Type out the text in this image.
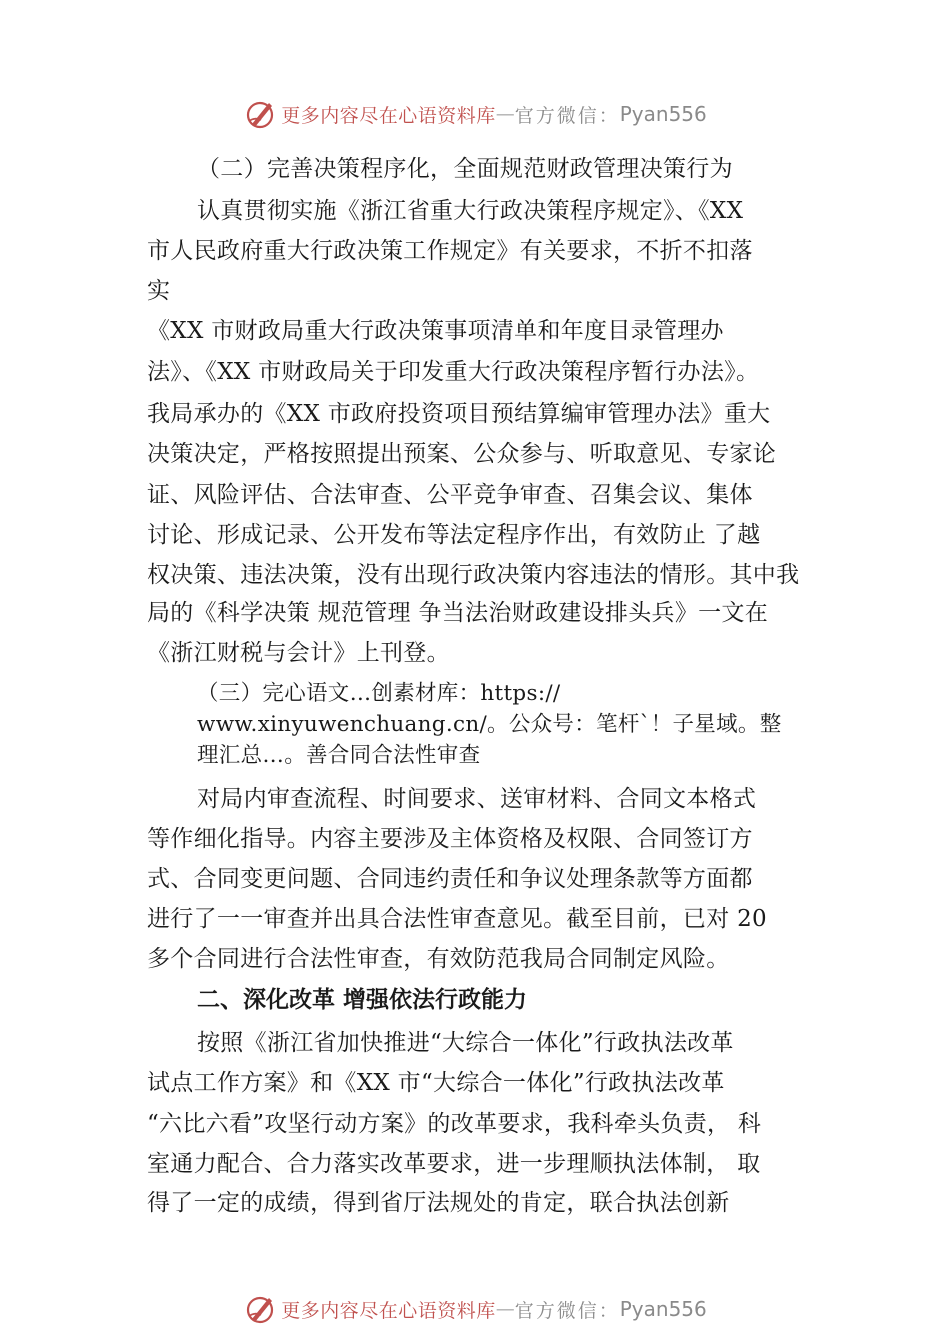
更多内容尽在心语资料库 — 官方微信： Pyan556
（二）完善决策程序化，全面规范财政管理决策行为
认真贯彻实施《浙江省重大行政决策程序规定》、《XX
市人民政府重大行政决策工作规定》有关要求，不折不扣落
实
《XX 市财政局重大行政决策事项清单和年度目录管理办
法》、《XX 市财政局关于印发重大行政决策程序暂行办法》。
我局承办的《XX 市政府投资项目预结算编审管理办法》重大
决策决定，严格按照提出预案、公众参与、听取意见、专家论
证、风险评估、合法审查、公平竞争审查、召集会议、集体
讨论、形成记录、公开发布等法定程序作出，有效防止 了越
权决策、违法决策，没有出现行政决策内容违法的情形。其中我
局的《科学决策 规范管理 争当法治财政建设排头兵》一文在
《浙江财税与会计》上刊登。
（三）完心语文…创素材库：https://
www.xinyuwenchuang.cn/。公众号：笔杆`！子星域。整
理汇总…。善合同合法性审查
对局内审查流程、时间要求、送审材料、合同文本格式
等作细化指导。内容主要涉及主体资格及权限、合同签订方
式、合同变更问题、合同违约责任和争议处理条款等方面都
进行了一一审查并出具合法性审查意见。截至目前，已对 20
多个合同进行合法性审查，有效防范我局合同制定风险。
二、深化改革 增强依法行政能力
按照《浙江省加快推进“大综合一体化”行政执法改革
试点工作方案》和《XX 市“大综合一体化”行政执法改革
“六比六看”攻坚行动方案》的改革要求，我科牵头负责， 科
室通力配合、合力落实改革要求，进一步理顺执法体制， 取
得了一定的成绩，得到省厅法规处的肯定，联合执法创新
更多内容尽在心语资料库 — 官方微信： Pyan556
